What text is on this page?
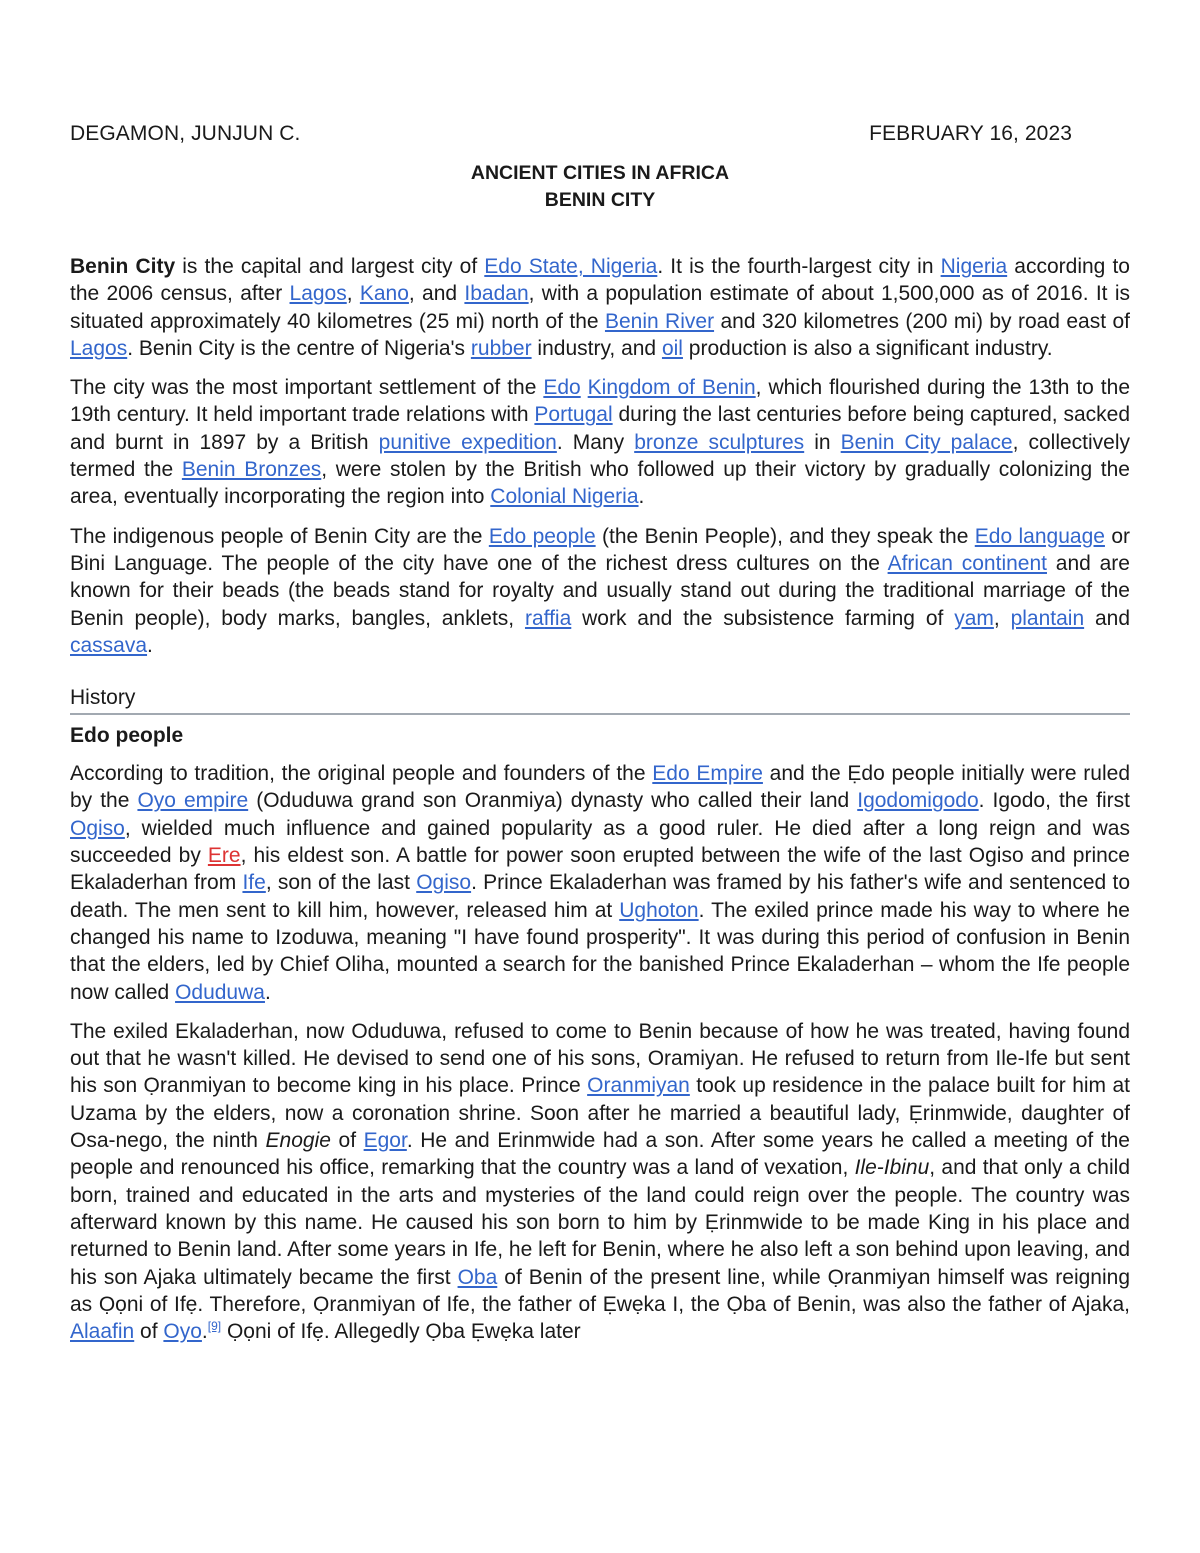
DEGAMON, JUNJUN C.	FEBRUARY 16, 2023
ANCIENT CITIES IN AFRICA
BENIN CITY

Benin City is the capital and largest city of Edo State, Nigeria. It is the fourth-largest city in Nigeria according to the 2006 census, after Lagos, Kano, and Ibadan, with a population estimate of about 1,500,000 as of 2016. It is situated approximately 40 kilometres (25 mi) north of the Benin River and 320 kilometres (200 mi) by road east of Lagos. Benin City is the centre of Nigeria's rubber industry, and oil production is also a significant industry.

The city was the most important settlement of the Edo Kingdom of Benin, which flourished during the 13th to the 19th century. It held important trade relations with Portugal during the last centuries before being captured, sacked and burnt in 1897 by a British punitive expedition. Many bronze sculptures in Benin City palace, collectively termed the Benin Bronzes, were stolen by the British who followed up their victory by gradually colonizing the area, eventually incorporating the region into Colonial Nigeria.

The indigenous people of Benin City are the Edo people (the Benin People), and they speak the Edo language or Bini Language. The people of the city have one of the richest dress cultures on the African continent and are known for their beads (the beads stand for royalty and usually stand out during the traditional marriage of the Benin people), body marks, bangles, anklets, raffia work and the subsistence farming of yam, plantain and cassava.

History
Edo people

According to tradition, the original people and founders of the Edo Empire and the Ẹdo people initially were ruled by the Oyo empire (Oduduwa grand son Oranmiya) dynasty who called their land Igodomigodo. Igodo, the first Ogiso, wielded much influence and gained popularity as a good ruler. He died after a long reign and was succeeded by Ere, his eldest son. A battle for power soon erupted between the wife of the last Ogiso and prince Ekaladerhan from Ife, son of the last Ogiso. Prince Ekaladerhan was framed by his father's wife and sentenced to death. The men sent to kill him, however, released him at Ughoton. The exiled prince made his way to where he changed his name to Izoduwa, meaning "I have found prosperity". It was during this period of confusion in Benin that the elders, led by Chief Oliha, mounted a search for the banished Prince Ekaladerhan – whom the Ife people now called Oduduwa.

The exiled Ekaladerhan, now Oduduwa, refused to come to Benin because of how he was treated, having found out that he wasn't killed. He devised to send one of his sons, Oramiyan. He refused to return from Ile-Ife but sent his son Ọranmiyan to become king in his place. Prince Oranmiyan took up residence in the palace built for him at Uzama by the elders, now a coronation shrine. Soon after he married a beautiful lady, Ẹrinmwide, daughter of Osa-nego, the ninth Enogie of Egor. He and Erinmwide had a son. After some years he called a meeting of the people and renounced his office, remarking that the country was a land of vexation, Ile-Ibinu, and that only a child born, trained and educated in the arts and mysteries of the land could reign over the people. The country was afterward known by this name. He caused his son born to him by Ẹrinmwide to be made King in his place and returned to Benin land. After some years in Ife, he left for Benin, where he also left a son behind upon leaving, and his son Ajaka ultimately became the first Oba of Benin of the present line, while Ọranmiyan himself was reigning as Ọọni of Ifẹ. Therefore, Ọranmiyan of Ife, the father of Ẹwẹka I, the Ọba of Benin, was also the father of Ajaka, Alaafin of Oyo.[9] Ọọni of Ifẹ. Allegedly Ọba Ẹwẹka later
